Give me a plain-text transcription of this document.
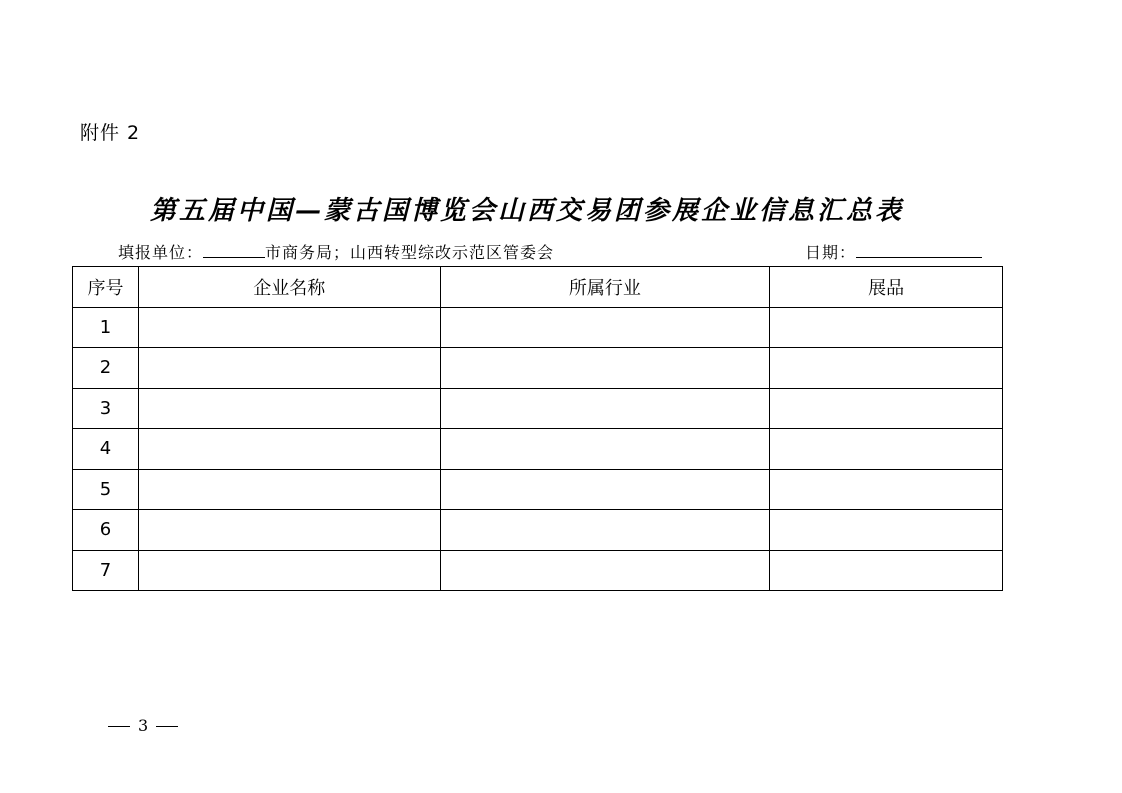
附件 2
第五届中国—蒙古国博览会山西交易团参展企业信息汇总表
填报单位：	市商务局；山西转型综改示范区管委会	日期：
序号	企业名称	所属行业	展品
1			
2			
3			
4			
5			
6			
7			
3
